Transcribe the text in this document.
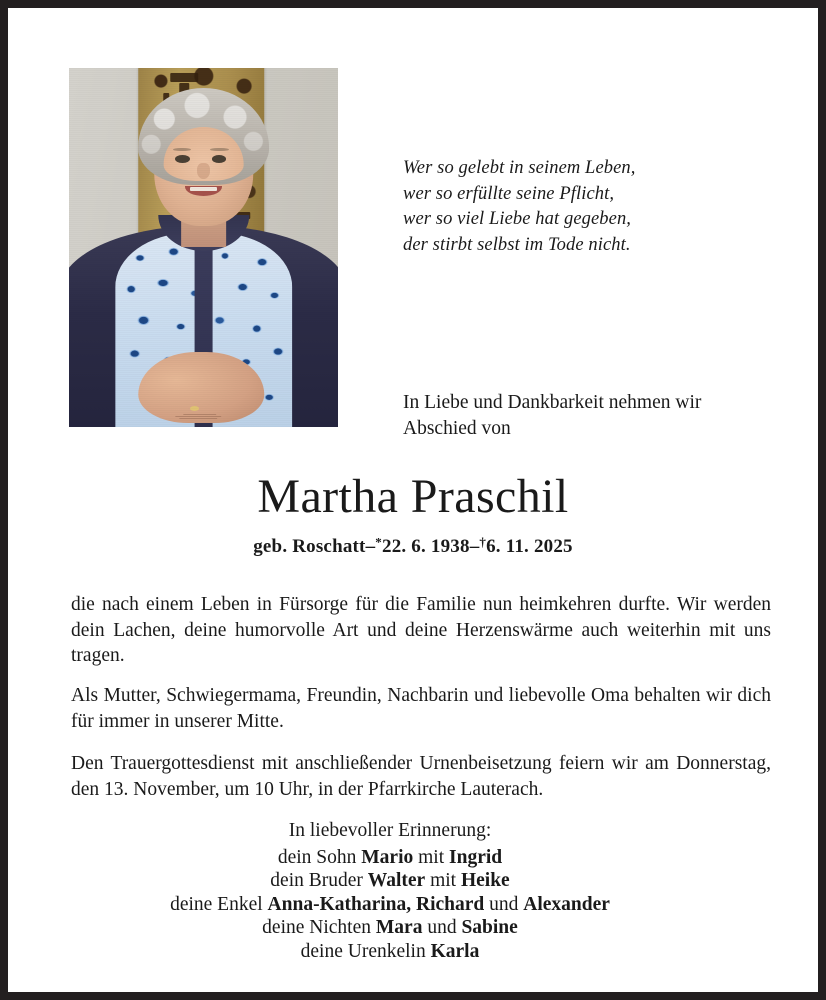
Wer so gelebt in seinem Leben,
wer so erfüllte seine Pflicht,
wer so viel Liebe hat gegeben,
der stirbt selbst im Tode nicht.
In Liebe und Dankbarkeit nehmen wir Abschied von
Martha Praschil
geb. Roschatt–*22. 6. 1938–†6. 11. 2025
die nach einem Leben in Fürsorge für die Familie nun heimkehren durfte. Wir werden dein Lachen, deine humorvolle Art und deine Herzenswärme auch weiterhin mit uns tragen.
Als Mutter, Schwiegermama, Freundin, Nachbarin und liebevolle Oma behalten wir dich für immer in unserer Mitte.
Den Trauergottesdienst mit anschließender Urnenbeisetzung feiern wir am Donnerstag, den 13. November, um 10 Uhr, in der Pfarrkirche Lauterach.
In liebevoller Erinnerung:
dein Sohn Mario mit Ingrid
dein Bruder Walter mit Heike
deine Enkel Anna-Katharina, Richard und Alexander
deine Nichten Mara und Sabine
deine Urenkelin Karla
